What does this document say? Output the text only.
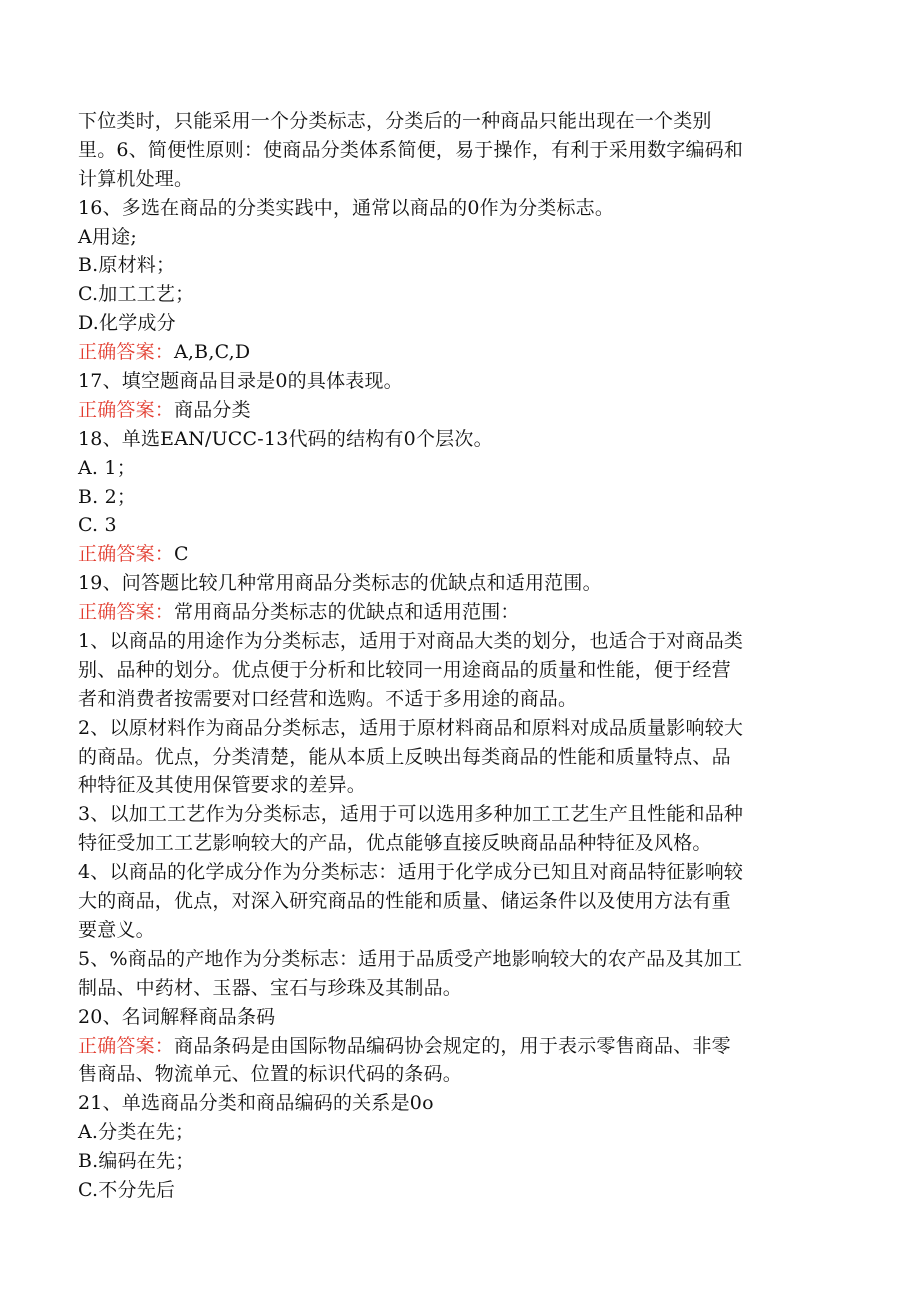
下位类时，只能采用一个分类标志，分类后的一种商品只能出现在一个类别
里。6、简便性原则：使商品分类体系简便，易于操作，有利于采用数字编码和
计算机处理。
16、多选在商品的分类实践中，通常以商品的0作为分类标志。
A用途;
B.原材料；
C.加工工艺；
D.化学成分
正确答案：A,B,C,D
17、填空题商品目录是0的具体表现。
正确答案：商品分类
18、单选EAN/UCC-13代码的结构有0个层次。
A. 1；
B. 2；
C. 3
正确答案：C
19、问答题比较几种常用商品分类标志的优缺点和适用范围。
正确答案：常用商品分类标志的优缺点和适用范围：
1、以商品的用途作为分类标志，适用于对商品大类的划分，也适合于对商品类
别、品种的划分。优点便于分析和比较同一用途商品的质量和性能，便于经营
者和消费者按需要对口经营和选购。不适于多用途的商品。
2、以原材料作为商品分类标志，适用于原材料商品和原料对成品质量影响较大
的商品。优点，分类清楚，能从本质上反映出每类商品的性能和质量特点、品
种特征及其使用保管要求的差异。
3、以加工工艺作为分类标志，适用于可以选用多种加工工艺生产且性能和品种
特征受加工工艺影响较大的产品，优点能够直接反映商品品种特征及风格。
4、以商品的化学成分作为分类标志：适用于化学成分已知且对商品特征影响较
大的商品，优点，对深入研究商品的性能和质量、储运条件以及使用方法有重
要意义。
5、%商品的产地作为分类标志：适用于品质受产地影响较大的农产品及其加工
制品、中药材、玉器、宝石与珍珠及其制品。
20、名词解释商品条码
正确答案：商品条码是由国际物品编码协会规定的，用于表示零售商品、非零
售商品、物流单元、位置的标识代码的条码。
21、单选商品分类和商品编码的关系是0o
A.分类在先；
B.编码在先；
C.不分先后
